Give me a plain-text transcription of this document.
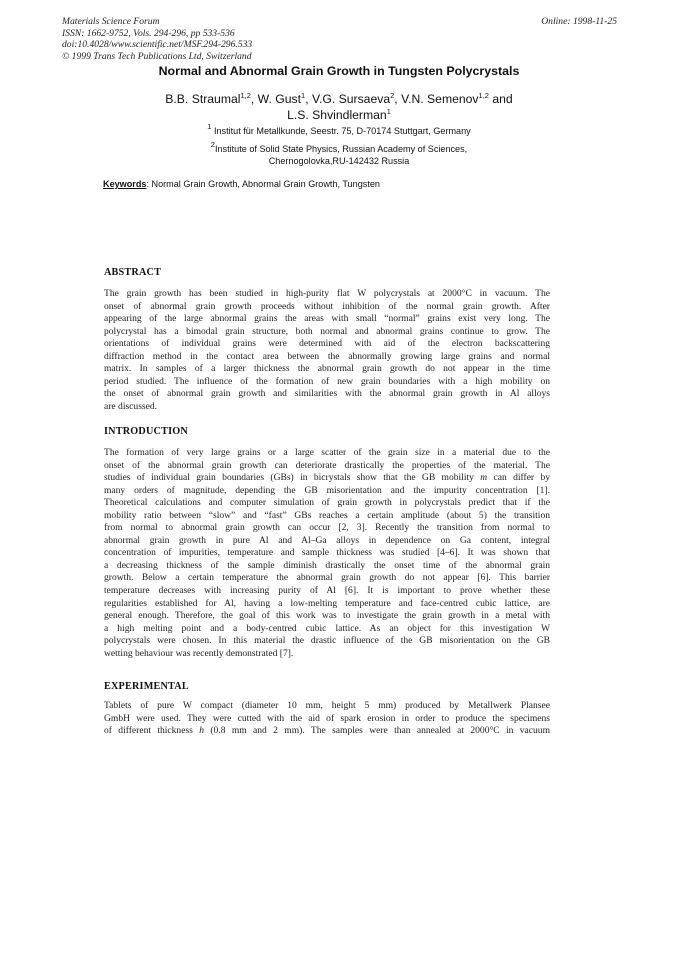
Materials Science Forum
ISSN: 1662-9752, Vols. 294-296, pp 533-536
doi:10.4028/www.scientific.net/MSF.294-296.533
© 1999 Trans Tech Publications Ltd, Switzerland
Online: 1998-11-25
Normal and Abnormal Grain Growth in Tungsten Polycrystals
B.B. Straumal$^{1,2}$, W. Gust$^1$, V.G. Sursaeva$^2$, V.N. Semenov$^{1,2}$ and
L.S. Shvindlerman$^1$
$^1$ Institut für Metallkunde, Seestr. 75, D-70174 Stuttgart, Germany
$^2$Institute of Solid State Physics, Russian Academy of Sciences,
Chernogolovka,RU-142432 Russia
Keywords: Normal Grain Growth, Abnormal Grain Growth, Tungsten
ABSTRACT
The grain growth has been studied in high-purity flat W polycrystals at 2000°C in vacuum. The
onset of abnormal grain growth proceeds without inhibition of the normal grain growth. After
appearing of the large abnormal grains the areas with small “normal” grains exist very long. The
polycrystal has a bimodal grain structure, both normal and abnormal grains continue to grow. The
orientations of individual grains were determined with aid of the electron backscattering
diffraction method in the contact area between the abnormally growing large grains and normal
matrix. In samples of a larger thickness the abnormal grain growth do not appear in the time
period studied. The influence of the formation of new grain boundaries with a high mobility on
the onset of abnormal grain growth and similarities with the abnormal grain growth in Al alloys
are discussed.
INTRODUCTION
The formation of very large grains or a large scatter of the grain size in a material due to the
onset of the abnormal grain growth can deteriorate drastically the properties of the material. The
studies of individual grain boundaries (GBs) in bicrystals show that the GB mobility m can differ by
many orders of magnitude, depending the GB misorientation and the impurity concentration [1].
Theoretical calculations and computer simulation of grain growth in polycrystals predict that if the
mobility ratio between “slow” and “fast” GBs reaches a certain amplitude (about 5) the transition
from normal to abnormal grain growth can occur [2, 3]. Recently the transition from normal to
abnormal grain growth in pure Al and Al–Ga alloys in dependence on Ga content, integral
concentration of impurities, temperature and sample thickness was studied [4–6]. It was shown that
a decreasing thickness of the sample diminish drastically the onset time of the abnormal grain
growth. Below a certain temperature the abnormal grain growth do not appear [6]. This barrier
temperature decreases with increasing purity of Al [6]. It is important to prove whether these
regularities established for Al, having a low-melting temperature and face-centred cubic lattice, are
general enough. Therefore, the goal of this work was to investigate the grain growth in a metal with
a high melting point and a body-centred cubic lattice. As an object for this investigation W
polycrystals were chosen. In this material the drastic influence of the GB misorientation on the GB
wetting behaviour was recently demonstrated [7].
EXPERIMENTAL
Tablets of pure W compact (diameter 10 mm, height 5 mm) produced by Metallwerk Plansee
GmbH were used. They were cutted with the aid of spark erosion in order to produce the specimens
of different thickness h (0.8 mm and 2 mm). The samples were than annealed at 2000°C in vacuum
